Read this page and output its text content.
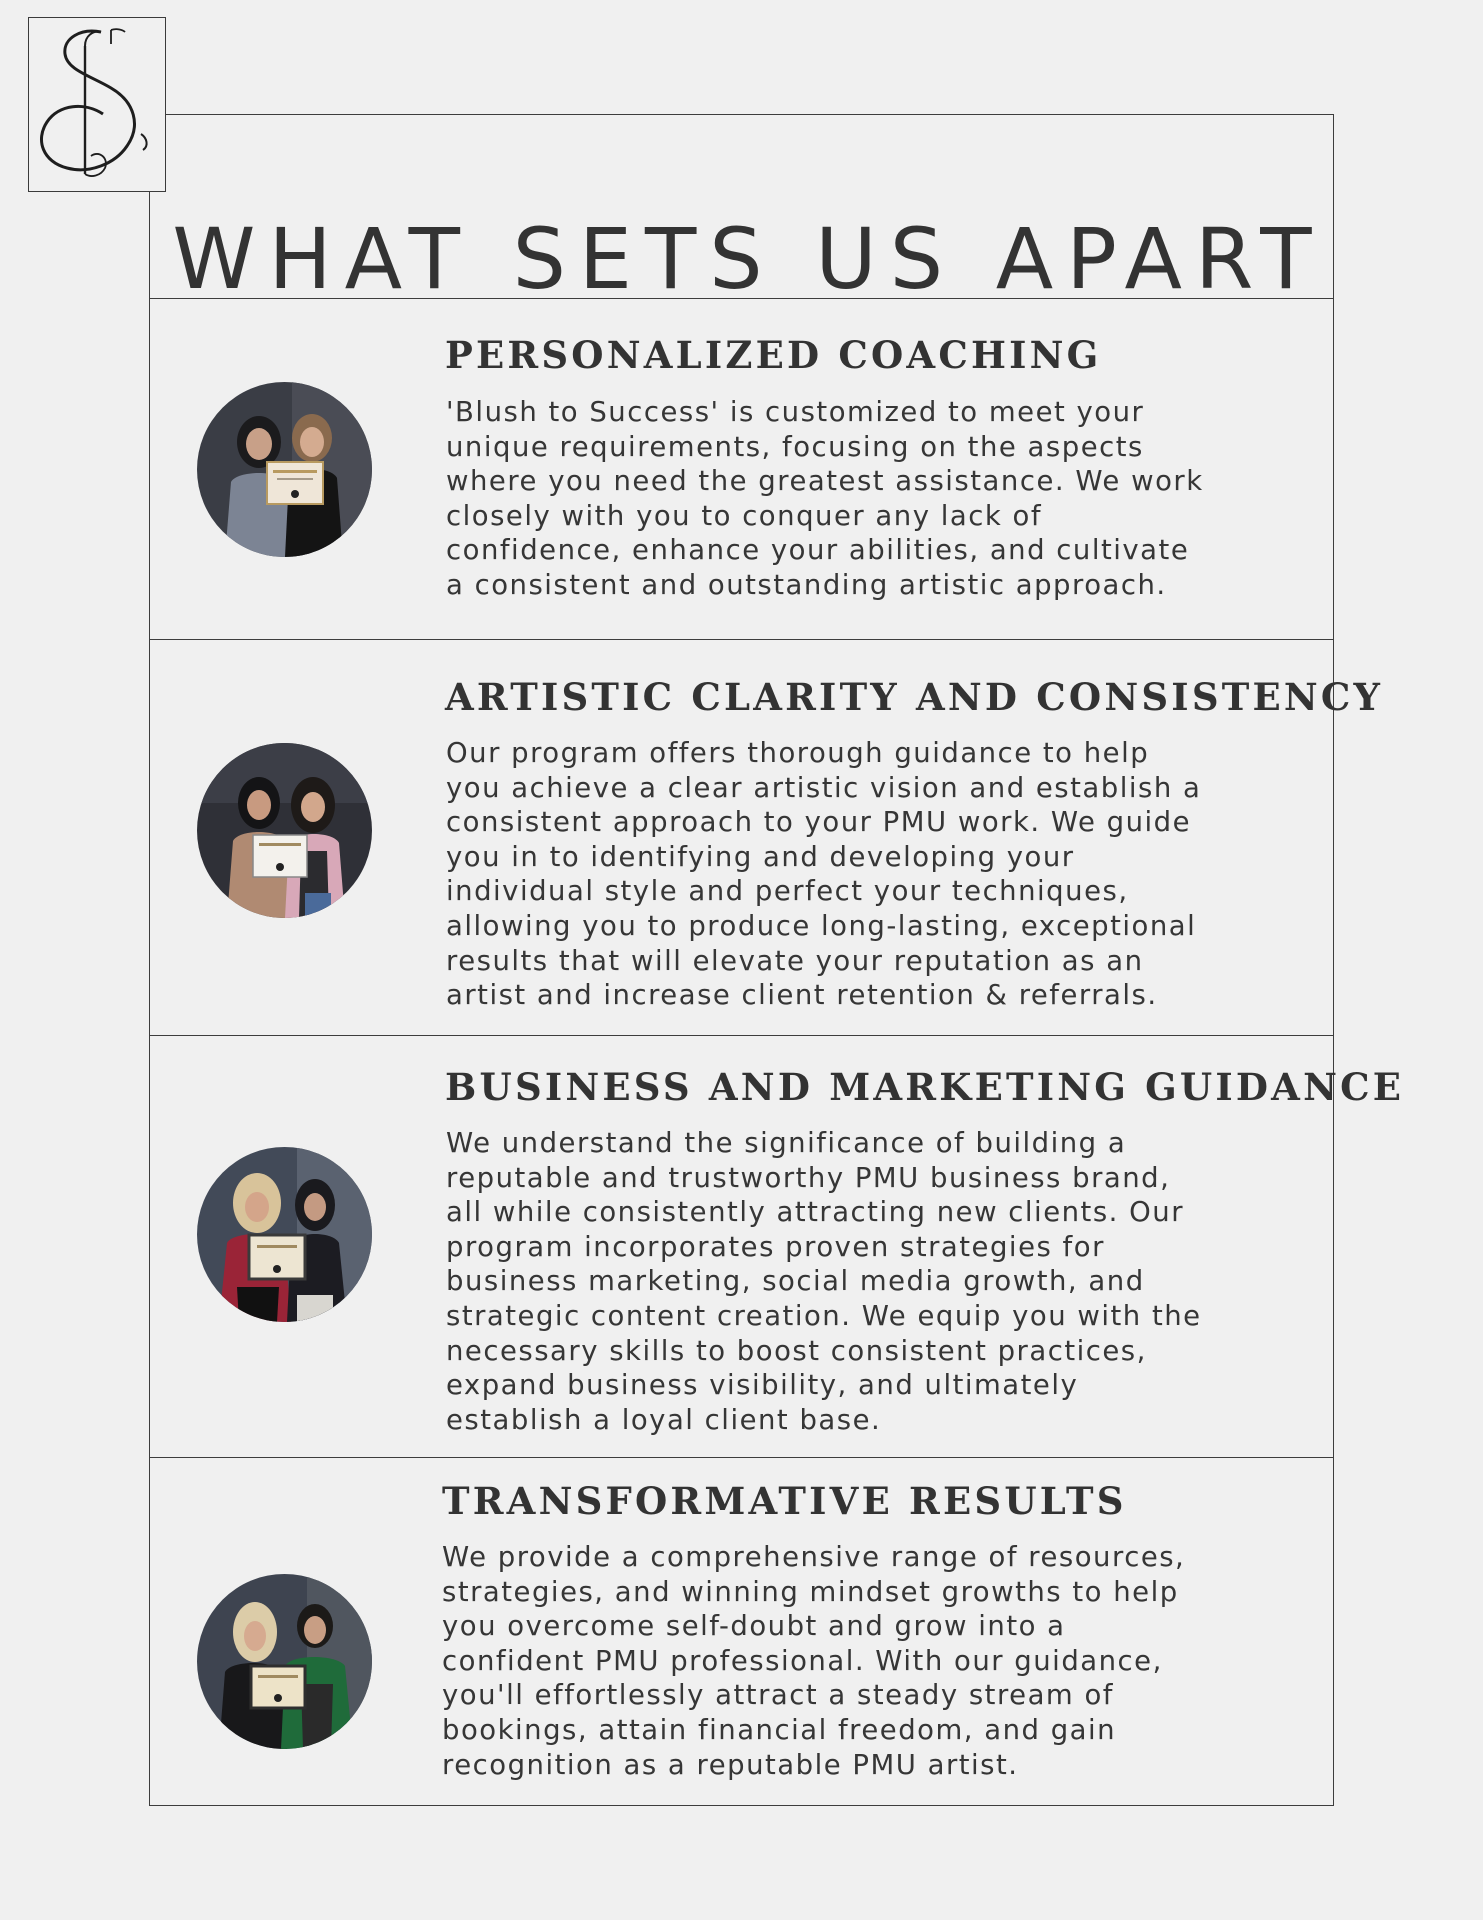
WHAT SETS US APART
PERSONALIZED COACHING

'Blush to Success' is customized to meet your
unique requirements, focusing on the aspects
where you need the greatest assistance. We work
closely with you to conquer any lack of
confidence, enhance your abilities, and cultivate
a consistent and outstanding artistic approach.

ARTISTIC CLARITY AND CONSISTENCY

Our program offers thorough guidance to help
you achieve a clear artistic vision and establish a
consistent approach to your PMU work. We guide
you in to identifying and developing your
individual style and perfect your techniques,
allowing you to produce long-lasting, exceptional
results that will elevate your reputation as an
artist and increase client retention & referrals.

BUSINESS AND MARKETING GUIDANCE

We understand the significance of building a
reputable and trustworthy PMU business brand,
all while consistently attracting new clients. Our
program incorporates proven strategies for
business marketing, social media growth, and
strategic content creation. We equip you with the
necessary skills to boost consistent practices,
expand business visibility, and ultimately
establish a loyal client base.

TRANSFORMATIVE RESULTS

We provide a comprehensive range of resources,
strategies, and winning mindset growths to help
you overcome self-doubt and grow into a
confident PMU professional. With our guidance,
you'll effortlessly attract a steady stream of
bookings, attain financial freedom, and gain
recognition as a reputable PMU artist.
